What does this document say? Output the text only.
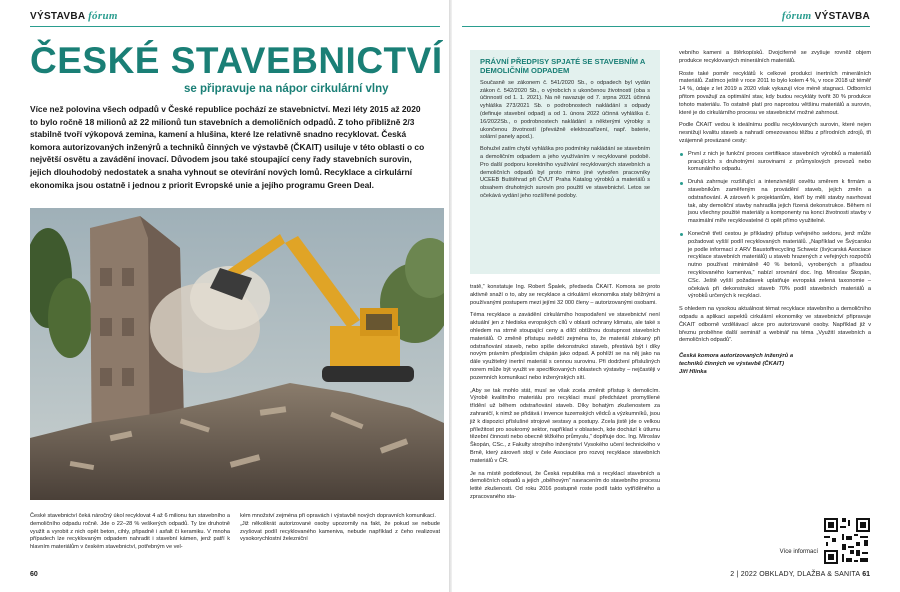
VÝSTAVBA fórum
ČESKÉ STAVEBNICTVÍ
se připravuje na nápor cirkulární vlny

Více než polovina všech odpadů v České republice pochází ze stavebnictví. Mezi léty 2015 až 2020 to bylo ročně 18 milionů až 22 milionů tun stavebních a demoličních odpadů. Z toho přibližně 2/3 stabilně tvoří výkopová zemina, kamení a hlušina, které lze relativně snadno recyklovat. Česká komora autorizovaných inženýrů a techniků činných ve výstavbě (ČKAIT) usiluje v této oblasti o co největší osvětu a zavádění inovací. Důvodem jsou také stoupající ceny řady stavebních surovin, jejich dlouhodobý nedostatek a snaha vyhnout se otevírání nových lomů. Recyklace a cirkulární ekonomika jsou ostatně i jednou z priorit Evropské unie a jejího programu Green Deal.

České stavebnictví čeká náročný úkol recyklovat 4 až 6 milionu tun stavebního a demoličního odpadu ročně. Jde o 22–28 % veškerých odpadů. Ty lze druhotně využít a vyrobit z nich opět beton, cihly, připadně i asfalt či keramiku. V mnoha případech lze recyklovaným odpadem nahradit i stavební kámen, jenž patří k hlavním materiálům v českém stavebnictví, potřebným ve vel-

kém množství zejména při opravách i výstavbě nových dopravních komunikací.
„Již několikrát autorizované osoby upozornily na fakt, že pokud se nebude zvyšovat podíl recyklovaného kameniva, nebude například z čeho realizovat vysokorychlostní železniční

60
fórum VÝSTAVBA
PRÁVNÍ PŘEDPISY SPJATÉ SE STAVEBNÍM A DEMOLIČNÍM ODPADEM

Současně se zákonem č. 541/2020 Sb., o odpadech byl vydán zákon č. 542/2020 Sb., o výrobcích s ukončenou životností (oba s účinností od 1. 1. 2021). Na ně navazuje od 7. srpna 2021 účinná vyhláška 273/2021 Sb. o podrobnostech nakládání s odpady (definuje stavební odpad) a od 1. února 2022 účinná vyhláška č. 16/2022Sb., o podrobnostech nakládání s některými výrobky s ukončenou životností (převážně elektrozařízení, např. baterie, solární panely apod.).

Bohužel zatím chybí vyhláška pro podmínky nakládání se stavebním a demoličním odpadem a jeho využíváním v recyklované podobě. Pro další podporu korektního využívání recyklovaných stavebních a demoličních odpadů byl proto mimo jiné vytvořen pracovníky UCEEB Buštěhrad při ČVUT Praha Katalog výrobků a materiálů s obsahem druhotných surovin pro použití ve stavebnictví. Letos se očekává vydání jeho rozšířené podoby.

tratě,“ konstatuje Ing. Robert Špalek, předseda ČKAIT. Komora se proto aktivně snaží o to, aby se recyklace a cirkulární ekonomika staly běžnými a používanými postupem mezi jejími 32 000 členy – autorizovanými osobami.

Téma recyklace a zavádění cirkulárního hospodaření ve stavebnictví není aktuální jen z hlediska evropských cílů v oblasti ochrany klimatu, ale také s ohledem na strmě stoupající ceny a dílčí obtížnou dostupnost stavebních materiálů. O změně přístupu svědčí zejména to, že materiál získaný při odstraňování staveb, nebo spíše dekonstrukci staveb, přestává být i díky novým právním předpisům chápán jako odpad. A pohlíží se na něj jako na dále využitelný inertní materiál s cennou surovinu. Při dodržení příslušných norem může být využit ve specifikovaných oblastech výstavby – nejčastěji v pozemních komunikací nebo inženýrských sítí.

„Aby se tak mohlo stát, musí se však zcela změnit přístup k demolicím. Výrobě kvalitního materiálu pro recyklaci musí předcházet promyšlené třídění už během odstraňování staveb. Díky bohatým zkušenostem za zahraničí, k nimž se přidává i invence tuzemských vědců a výzkumníků, jsou již k dispozici příslušné strojové sestavy a postupy. Zcela jistě jde o velkou příležitost pro soukromý sektor, například v oblastech, kde dochází k útlumu tězební činnosti nebo obecně těžkého průmyslu,“ doplňuje doc. Ing. Miroslav Škopán, CSc., z Fakulty strojního inženýrství Vysokého učení technického v Brně, který zároveň stojí v čele Asociace pro rozvoj recyklace stavebních materiálů v ČR.

Je na místě podotknout, že Česká republika má s recyklací stavebních a demoličních odpadů a jejich „oběhovým“ navracením do stavebního procesu letité zkušenosti. Od roku 2016 postupně roste podíl takto vytříděného a zpracovaného sta-

vebního kameni a štěrkopísků. Dvojciferně se zvyšuje rovněž objem produkce recyklovaných minerálních materiálů.

Roste také poměr recyklátů k celkové produkci inertních minerálních materiálů. Zatímco ještě v roce 2011 to bylo kolem 4 %, v roce 2018 už téměř 14 %, údaje z let 2019 a 2020 však vykazují více méně stagnaci. Odborníci přitom považují za optimální stav, kdy budou recykláty tvořit 30 % produkce tohoto materiálu. To ostatně platí pro naprostou většinu materiálů a surovin, které je do cirkulárního procesu ve stavebnictví možné zahrnout.

Podle ČKAIT vedou k ideálnímu podílu recyklovaných surovin, které nejen nesnižují kvalitu staveb a nahradí omezovanou těžbu z přírodních zdrojů, tři vzájemně provázané cesty:

První z nich je funkční proces certifikace stavebních výrobků a materiálů pracujících s druhotnými surovinami z průmyslových provozů nebo komunálního odpadu.

Druhá zahrnuje rozšiřující a intenzivnější osvětu směrem k firmám a stavebníkům zaměřeným na provádění staveb, jejich změn a odstraňování. A zároveň k projektantům, kteří by měli stavby navrhovat tak, aby demoliční stavby nahradila jejich řízená dekonstrukce. Během ní jsou všechny použité materiály a komponenty na konci životnosti stavby v maximální míře recyklovatelné či opět přímo využitelné.

Konečně třetí cestou je příkladný přístup veřejného sektoru, jenž může požadovat vyšší podíl recyklovaných materiálů. „Například ve Švýcarsku je podle informací z ARV Baustoffrecycling Schweiz (švýcarská Asociace recyklace stavebních materiálů) u staveb hrazených z veřejných rozpočtů nutno používat minimálně 40 % betonů, vyrobených s přísadou recyklovaného kameniva,“ nabízí srovnání doc. Ing. Miroslav Škopán, CSc. Ještě vyšší požadavek uplatňuje evropská zelená taxonomie – očekává při dekonstrukci staveb 70% podíl stavebních materiálů a výrobků určených k recyklaci.

S ohledem na vysokou aktuálnost témat recyklace stavebního a demoličního odpadu a aplikaci aspektů cirkulární ekonomiky ve stavebnictví připravuje ČKAIT odborně vzdělávací akce pro autorizované osoby. Například již v březnu proběhne další seminář a webinář na téma „Využití stavebních a demoličních odpadů“.

Česká komora autorizovaných inženýrů a techniků činných ve výstavbě (ČKAIT)
Jiří Hlinka

Více informací
2 | 2022 OBKLADY, DLAŽBA & SANITA 61
